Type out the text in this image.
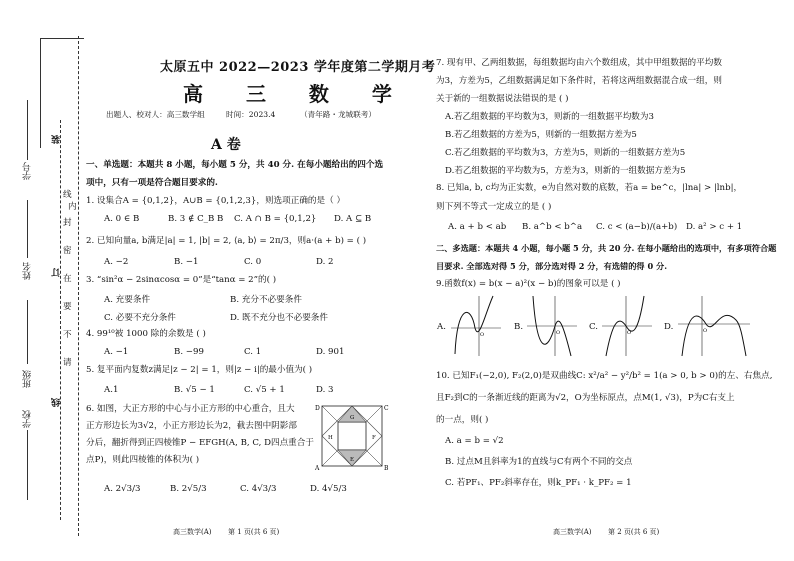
学号
姓名
班级
学校
装
订
线
请
不
要
在
密
封
线
内
太原五中 2022—2023 学年度第二学期月考
高 三 数 学
出题人、校对人：高三数学组	时间：2023.4	（青年路・龙城联考）
A 卷
一、单选题：本题共 8 小题，每小题 5 分，共 40 分. 在每小题给出的四个选
项中，只有一项是符合题目要求的.
1. 设集合A = {0,1,2}，A∪B = {0,1,2,3}，则选项正确的是（ ）
A. 0 ∈ B	B. 3 ∉ C_B B C. A ∩ B = {0,1,2} D. A ⊆ B
2. 已知向量a, b满足|a| = 1, |b| = 2, ⟨a, b⟩ = 2π/3，则a·(a + b) = ( )
A. −2	B. −1	C. 0	D. 2
3. “sin²α − 2sinαcosα = 0”是“tanα = 2”的( )
A. 充要条件	B. 充分不必要条件
C. 必要不充分条件	D. 既不充分也不必要条件
4. 99¹⁰被 1000 除的余数是 ( )
A. −1	B. −99	C. 1	D. 901
5. 复平面内复数z满足|z − 2| = 1，则|z − i|的最小值为( )
A.1	B. √5 − 1	C. √5 + 1	D. 3
6. 如图，大正方形的中心与小正方形的中心重合，且大
正方形边长为3√2，小正方形边长为2，截去图中阴影部
分后，翻折得到正四棱锥P − EFGH(A, B, C, D四点重合于
点P)，则此四棱锥的体积为( )
A. 2√3/3	B. 2√5/3	C. 4√3/3	D. 4√5/3
D	C
A	B
G
H	F
E
高三数学(A) 第 1 页(共 6 页)
7. 现有甲、乙两组数据，每组数据均由六个数组成，其中甲组数据的平均数
为3，方差为5，乙组数据满足如下条件时，若将这两组数据混合成一组，则
关于新的一组数据说法错误的是 ( )
A.若乙组数据的平均数为3，则新的一组数据平均数为3
B.若乙组数据的方差为5，则新的一组数据方差为5
C.若乙组数据的平均数为3，方差为5，则新的一组数据方差为5
D.若乙组数据的平均数为5，方差为3，则新的一组数据方差为5
8. 已知a, b, c均为正实数，e为自然对数的底数，若a = be^c，|lna| > |lnb|，
则下列不等式一定成立的是 ( )
A. a + b < ab B. a^b < b^a C. c < (a−b)/(a+b) D. a² > c + 1
二、多选题：本题共 4 小题，每小题 5 分，共 20 分. 在每小题给出的选项中，有多项符合题
目要求. 全部选对得 5 分，部分选对得 2 分，有选错的得 0 分.
9.函数f(x) = b(x − a)²(x − b)的图象可以是 ( )
A.
O
B.
O
C.
O
D.	O
10. 已知F₁(−2,0), F₂(2,0)是双曲线C: x²/a² − y²/b² = 1(a > 0, b > 0)的左、右焦点,
且F₂到C的一条渐近线的距离为√2，O为坐标原点，点M(1, √3)，P为C右支上
的一点，则( )
A. a = b = √2
B. 过点M且斜率为1的直线与C有两个不同的交点
C. 若PF₁、PF₂斜率存在，则k_PF₁ · k_PF₂ = 1
高三数学(A) 第 2 页(共 6 页)
